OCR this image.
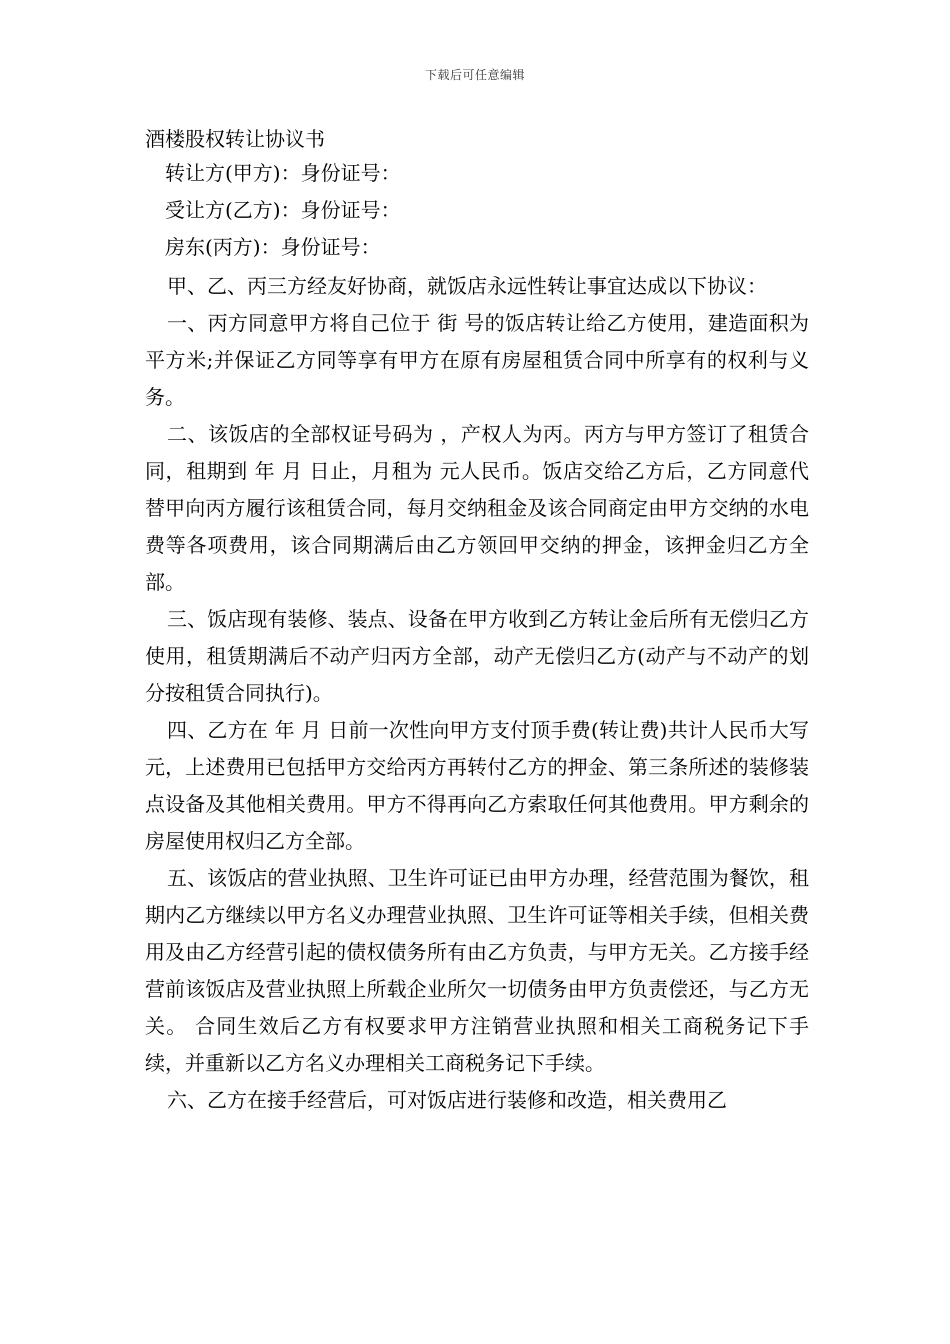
下载后可任意编辑
酒楼股权转让协议书
转让方(甲方)：身份证号：
受让方(乙方)：身份证号：
房东(丙方)：身份证号：

甲、乙、丙三方经友好协商，就饭店永远性转让事宜达成以下协议：

一、丙方同意甲方将自己位于 街 号的饭店转让给乙方使用，建造面积为 平方米;并保证乙方同等享有甲方在原有房屋租赁合同中所享有的权利与义务。

二、该饭店的全部权证号码为 ，产权人为丙。丙方与甲方签订了租赁合同，租期到 年 月 日止，月租为 元人民币。饭店交给乙方后，乙方同意代替甲向丙方履行该租赁合同，每月交纳租金及该合同商定由甲方交纳的水电费等各项费用，该合同期满后由乙方领回甲交纳的押金，该押金归乙方全部。

三、饭店现有装修、装点、设备在甲方收到乙方转让金后所有无偿归乙方使用，租赁期满后不动产归丙方全部，动产无偿归乙方(动产与不动产的划分按租赁合同执行)。

四、乙方在 年 月 日前一次性向甲方支付顶手费(转让费)共计人民币大写 元，上述费用已包括甲方交给丙方再转付乙方的押金、第三条所述的装修装点设备及其他相关费用。甲方不得再向乙方索取任何其他费用。甲方剩余的房屋使用权归乙方全部。

五、该饭店的营业执照、卫生许可证已由甲方办理，经营范围为餐饮，租期内乙方继续以甲方名义办理营业执照、卫生许可证等相关手续，但相关费用及由乙方经营引起的债权债务所有由乙方负责，与甲方无关。乙方接手经营前该饭店及营业执照上所载企业所欠一切债务由甲方负责偿还，与乙方无关。 合同生效后乙方有权要求甲方注销营业执照和相关工商税务记下手续，并重新以乙方名义办理相关工商税务记下手续。

六、乙方在接手经营后，可对饭店进行装修和改造，相关费用乙
